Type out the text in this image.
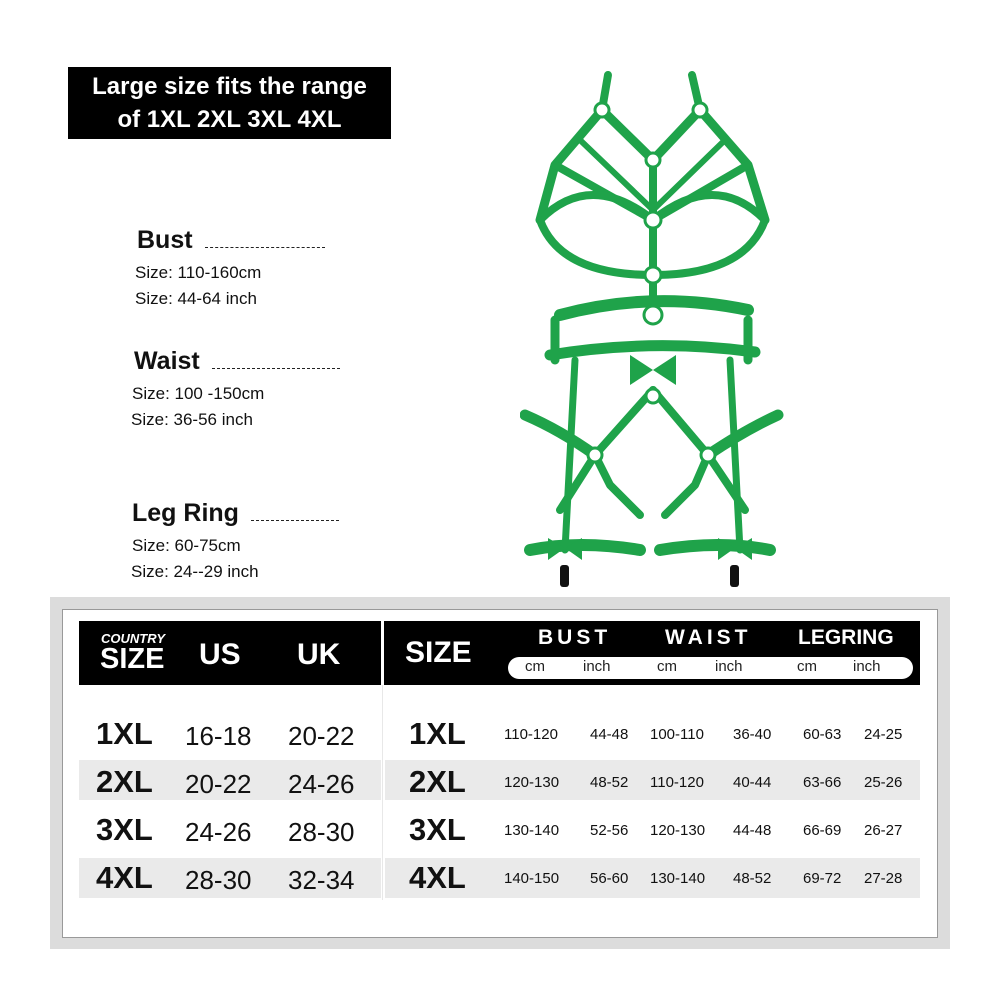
Large size fits the range
of 1XL 2XL 3XL 4XL
Bust
Size: 110-160cm
Size: 44-64 inch
Waist
Size: 100 -150cm
Size: 36-56 inch
Leg Ring
Size: 60-75cm
Size: 24--29 inch
COUNTRY
SIZE US UK SIZE	BUST	WAIST LEGRING
cm	inch	cm	inch	cm inch
1XL 16-18 20-22 1XL	110-120 44-48 100-110 36-40 60-63 24-25
2XL 20-22 24-26 2XL	120-130 48-52 110-120 40-44 63-66 25-26
3XL 24-26 28-30 3XL	130-140 52-56 120-130 44-48 66-69 26-27
4XL 28-30 32-34 4XL	140-150 56-60 130-140 48-52 69-72 27-28
